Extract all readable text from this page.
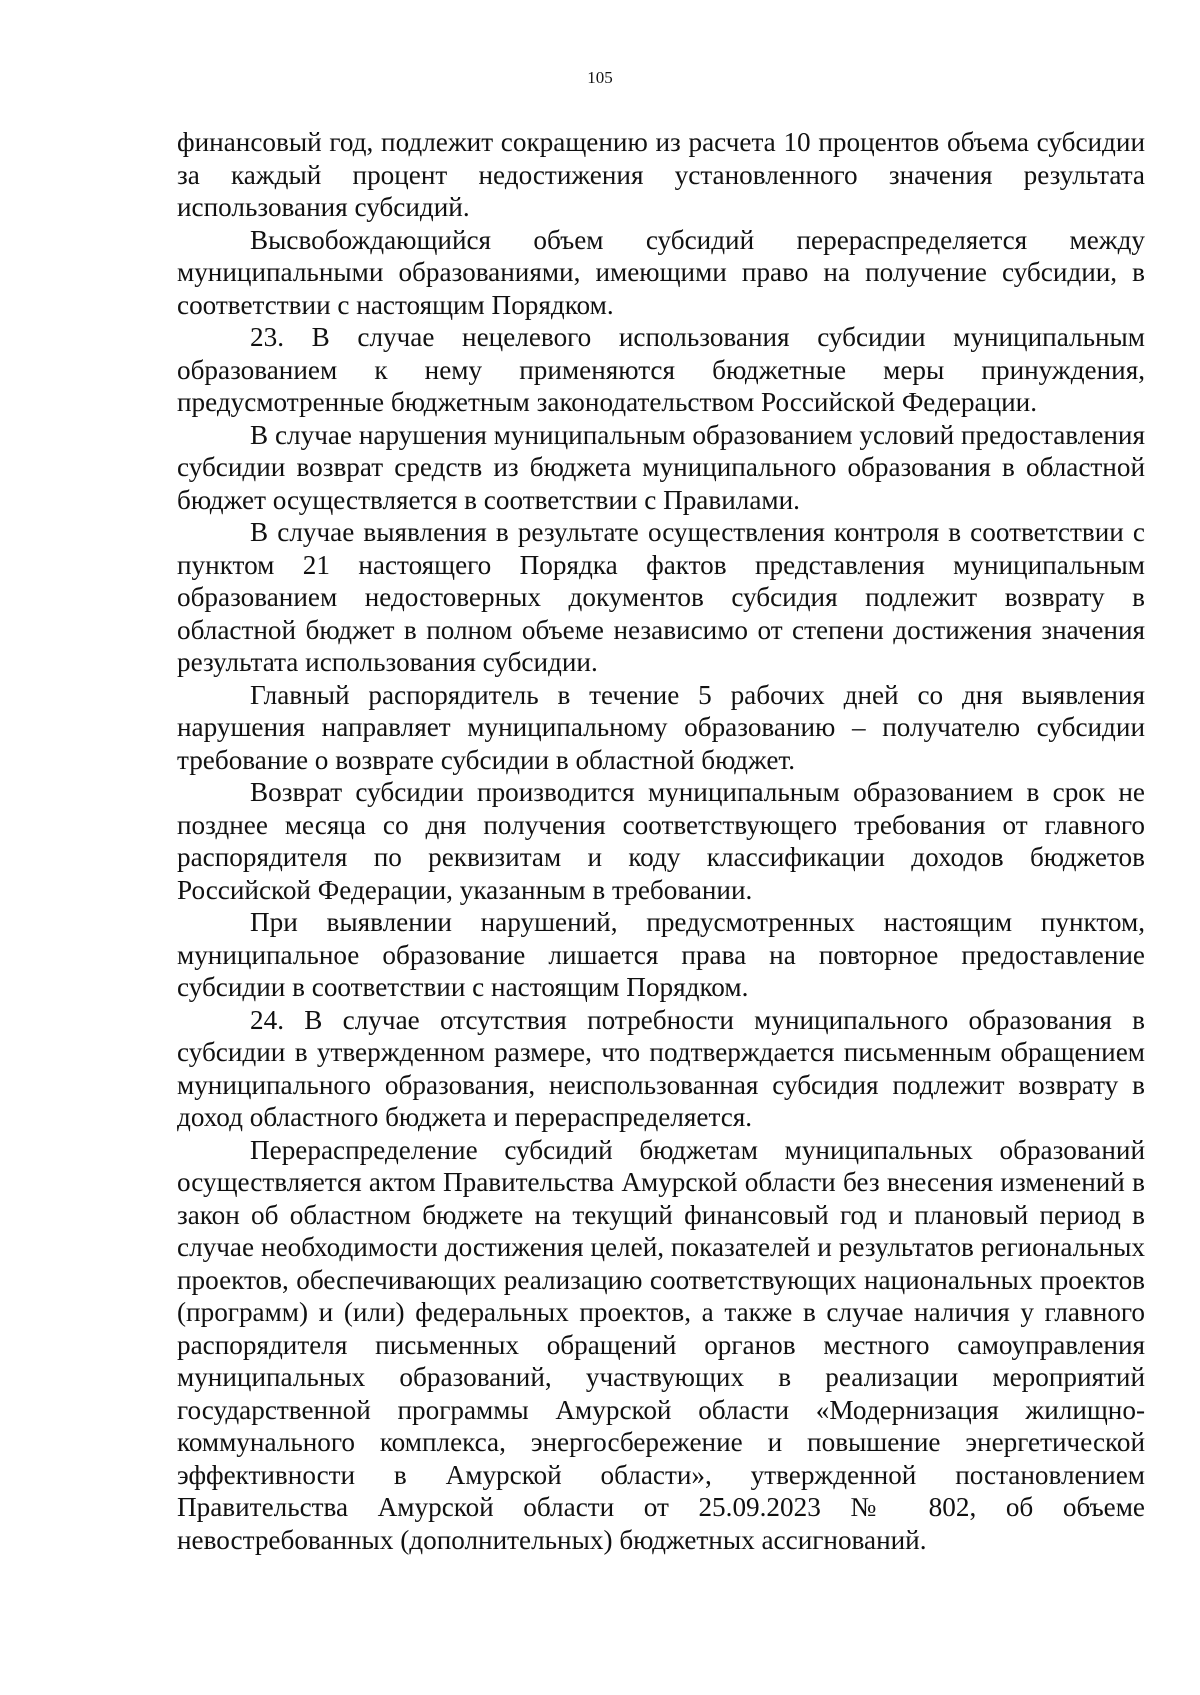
105

финансовый год, подлежит сокращению из расчета 10 процентов объема субсидии за каждый процент недостижения установленного значения результата использования субсидий.

Высвобождающийся объем субсидий перераспределяется между муниципальными образованиями, имеющими право на получение субсидии, в соответствии с настоящим Порядком.

23. В случае нецелевого использования субсидии муниципальным образованием к нему применяются бюджетные меры принуждения, предусмотренные бюджетным законодательством Российской Федерации.

В случае нарушения муниципальным образованием условий предоставления субсидии возврат средств из бюджета муниципального образования в областной бюджет осуществляется в соответствии с Правилами.

В случае выявления в результате осуществления контроля в соответствии с пунктом 21 настоящего Порядка фактов представления муниципальным образованием недостоверных документов субсидия подлежит возврату в областной бюджет в полном объеме независимо от степени достижения значения результата использования субсидии.

Главный распорядитель в течение 5 рабочих дней со дня выявления нарушения направляет муниципальному образованию – получателю субсидии требование о возврате субсидии в областной бюджет.

Возврат субсидии производится муниципальным образованием в срок не позднее месяца со дня получения соответствующего требования от главного распорядителя по реквизитам и коду классификации доходов бюджетов Российской Федерации, указанным в требовании.

При выявлении нарушений, предусмотренных настоящим пунктом, муниципальное образование лишается права на повторное предоставление субсидии в соответствии с настоящим Порядком.

24. В случае отсутствия потребности муниципального образования в субсидии в утвержденном размере, что подтверждается письменным обращением муниципального образования, неиспользованная субсидия подлежит возврату в доход областного бюджета и перераспределяется.

Перераспределение субсидий бюджетам муниципальных образований осуществляется актом Правительства Амурской области без внесения изменений в закон об областном бюджете на текущий финансовый год и плановый период в случае необходимости достижения целей, показателей и результатов региональных проектов, обеспечивающих реализацию соответствующих национальных проектов (программ) и (или) федеральных проектов, а также в случае наличия у главного распорядителя письменных обращений органов местного самоуправления муниципальных образований, участвующих в реализации мероприятий государственной программы Амурской области «Модернизация жилищно-коммунального комплекса, энергосбережение и повышение энергетической эффективности в Амурской области», утвержденной постановлением Правительства Амурской области от 25.09.2023 № 802, об объеме невостребованных (дополнительных) бюджетных ассигнований.
